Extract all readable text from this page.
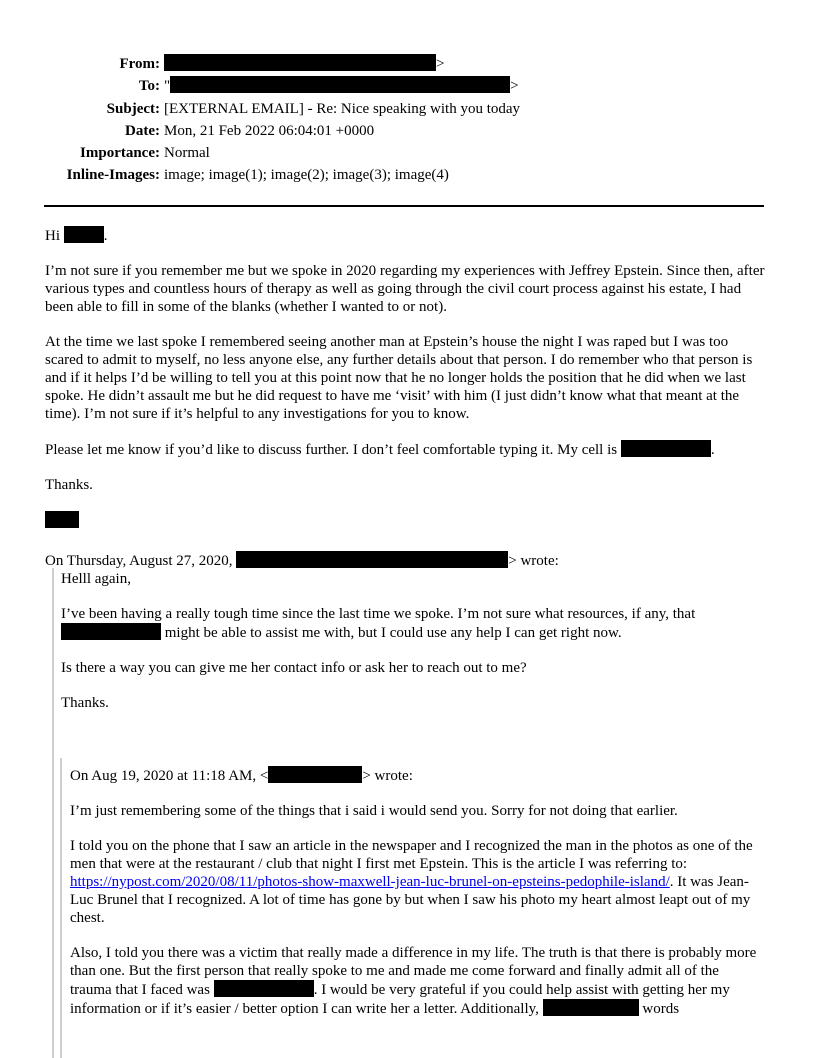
From:	>
To: "	>
Subject: [EXTERNAL EMAIL] - Re: Nice speaking with you today
Date: Mon, 21 Feb 2022 06:04:01 +0000
Importance: Normal
Inline-Images: image; image(1); image(2); image(3); image(4)

Hi	.

I’m not sure if you remember me but we spoke in 2020 regarding my experiences with Jeffrey Epstein. Since then, after various types and countless hours of therapy as well as going through the civil court process against his estate, I had been able to fill in some of the blanks (whether I wanted to or not).

At the time we last spoke I remembered seeing another man at Epstein’s house the night I was raped but I was too scared to admit to myself, no less anyone else, any further details about that person. I do remember who that person is and if it helps I’d be willing to tell you at this point now that he no longer holds the position that he did when we last spoke. He didn’t assault me but he did request to have me ‘visit’ with him (I just didn’t know what that meant at the time). I’m not sure if it’s helpful to any investigations for you to know.

Please let me know if you’d like to discuss further. I don’t feel comfortable typing it. My cell is	.

Thanks.

On Thursday, August 27, 2020,	> wrote:

Helll again,

I’ve been having a really tough time since the last time we spoke. I’m not sure what resources, if any, that  might be able to assist me with, but I could use any help I can get right now.

Is there a way you can give me her contact info or ask her to reach out to me?

Thanks.

On Aug 19, 2020 at 11:18 AM, <	> wrote:

I’m just remembering some of the things that i said i would send you. Sorry for not doing that earlier.

I told you on the phone that I saw an article in the newspaper and I recognized the man in the photos as one of the men that were at the restaurant / club that night I first met Epstein. This is the article I was referring to: https://nypost.com/2020/08/11/photos-show-maxwell-jean-luc-brunel-on-epsteins-pedophile-island/. It was Jean-Luc Brunel that I recognized. A lot of time has gone by but when I saw his photo my heart almost leapt out of my chest.

Also, I told you there was a victim that really made a difference in my life. The truth is that there is probably more than one. But the first person that really spoke to me and made me come forward and finally admit all of the trauma that I faced was	. I would be very grateful if you could help assist with getting her my information or if it’s easier / better option I can write her a letter. Additionally,	words
